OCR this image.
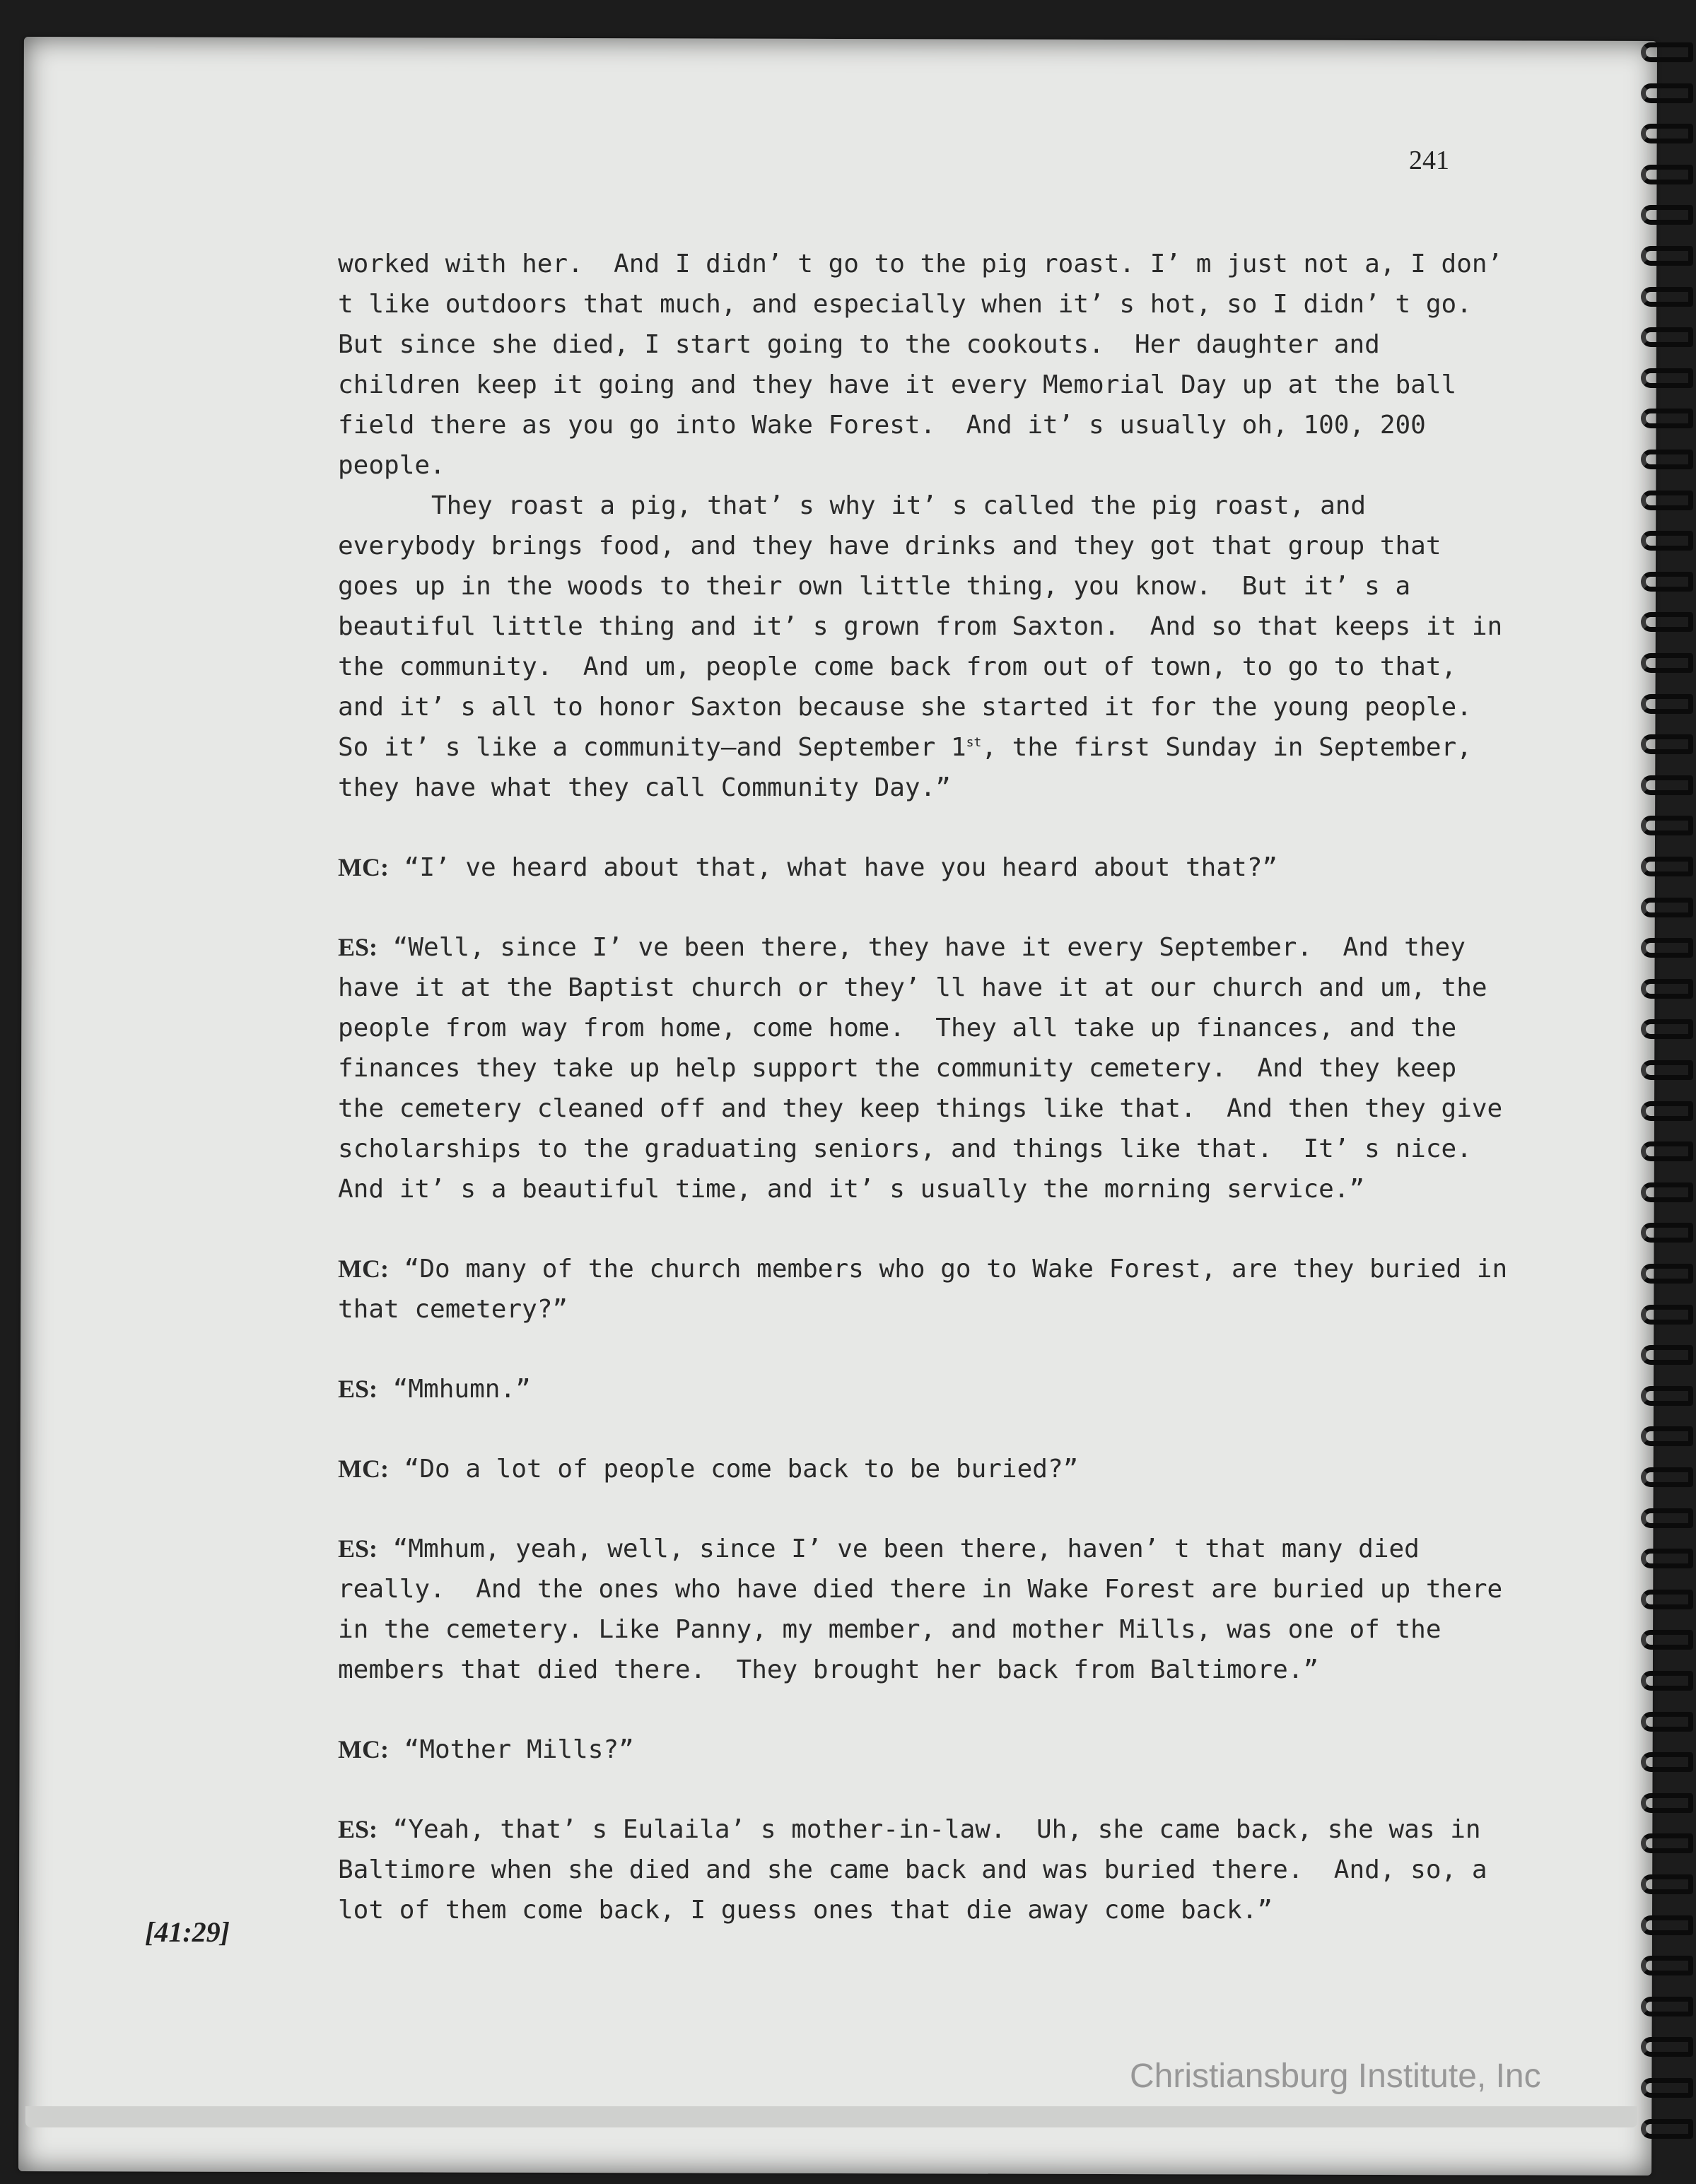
241

worked with her.  And I didn’ t go to the pig roast. I’ m just not a, I don’ t like outdoors that much, and especially when it’ s hot, so I didn’ t go.  But since she died, I start going to the cookouts.  Her daughter and children keep it going and they have it every Memorial Day up at the ball field there as you go into Wake Forest.  And it’ s usually oh, 100, 200 people.

They roast a pig, that’ s why it’ s called the pig roast, and everybody brings food, and they have drinks and they got that group that goes up in the woods to their own little thing, you know.  But it’ s a beautiful little thing and it’ s grown from Saxton.  And so that keeps it in the community.  And um, people come back from out of town, to go to that, and it’ s all to honor Saxton because she started it for the young people.  So it’ s like a community—and September 1st, the first Sunday in September, they have what they call Community Day.”

MC: “I’ ve heard about that, what have you heard about that?”

ES: “Well, since I’ ve been there, they have it every September.  And they have it at the Baptist church or they’ ll have it at our church and um, the people from way from home, come home.  They all take up finances, and the finances they take up help support the community cemetery.  And they keep the cemetery cleaned off and they keep things like that.  And then they give scholarships to the graduating seniors, and things like that.  It’ s nice.  And it’ s a beautiful time, and it’ s usually the morning service.”

MC: “Do many of the church members who go to Wake Forest, are they buried in that cemetery?”

ES: “Mmhumn.”

MC: “Do a lot of people come back to be buried?”

ES: “Mmhum, yeah, well, since I’ ve been there, haven’ t that many died really.  And the ones who have died there in Wake Forest are buried up there in the cemetery. Like Panny, my member, and mother Mills, was one of the members that died there.  They brought her back from Baltimore.”

MC: “Mother Mills?”

ES: “Yeah, that’ s Eulaila’ s mother-in-law.  Uh, she came back, she was in Baltimore when she died and she came back and was buried there.  And, so, a lot of them come back, I guess ones that die away come back.”

[41:29]
Christiansburg Institute, Inc
